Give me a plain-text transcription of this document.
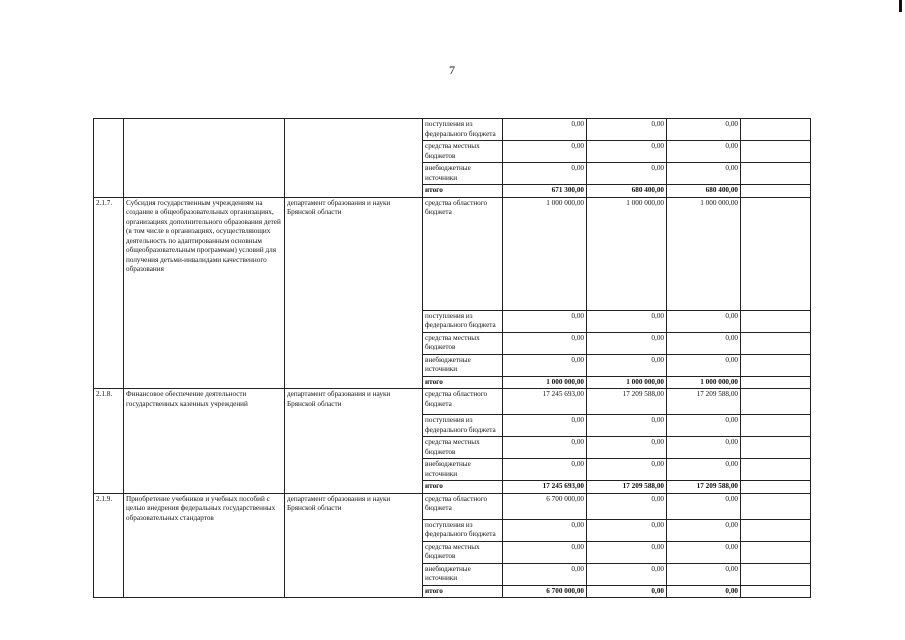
7
			поступления из федерального бюджета	0,00	0,00	0,00	
			средства местных бюджетов	0,00	0,00	0,00	
			внебюджетные источники	0,00	0,00	0,00	
			итого	671 300,00	680 400,00	680 400,00	
2.1.7.	Субсидия государственным учреждениям на создание в общеобразовательных организациях, организациях дополнительного образования детей (в том числе в организациях, осуществляющих деятельность по адаптированным основным общеобразовательным программам) условий для получения детьми-инвалидами качественного образования	департамент образования и науки Брянской области	средства областного бюджета	1 000 000,00	1 000 000,00	1 000 000,00	
			поступления из федерального бюджета	0,00	0,00	0,00	
			средства местных бюджетов	0,00	0,00	0,00	
			внебюджетные источники	0,00	0,00	0,00	
			итого	1 000 000,00	1 000 000,00	1 000 000,00	
2.1.8.	Финансовое обеспечение деятельности государственных казенных учреждений	департамент образования и науки Брянской области	средства областного бюджета	17 245 693,00	17 209 588,00	17 209 588,00	
			поступления из федерального бюджета	0,00	0,00	0,00	
			средства местных бюджетов	0,00	0,00	0,00	
			внебюджетные источники	0,00	0,00	0,00	
			итого	17 245 693,00	17 209 588,00	17 209 588,00	
2.1.9.	Приобретение учебников и учебных пособий с целью внедрения федеральных государственных образовательных стандартов	департамент образования и науки Брянской области	средства областного бюджета	6 700 000,00	0,00	0,00	
			поступления из федерального бюджета	0,00	0,00	0,00	
			средства местных бюджетов	0,00	0,00	0,00	
			внебюджетные источники	0,00	0,00	0,00	
			итого	6 700 000,00	0,00	0,00	
